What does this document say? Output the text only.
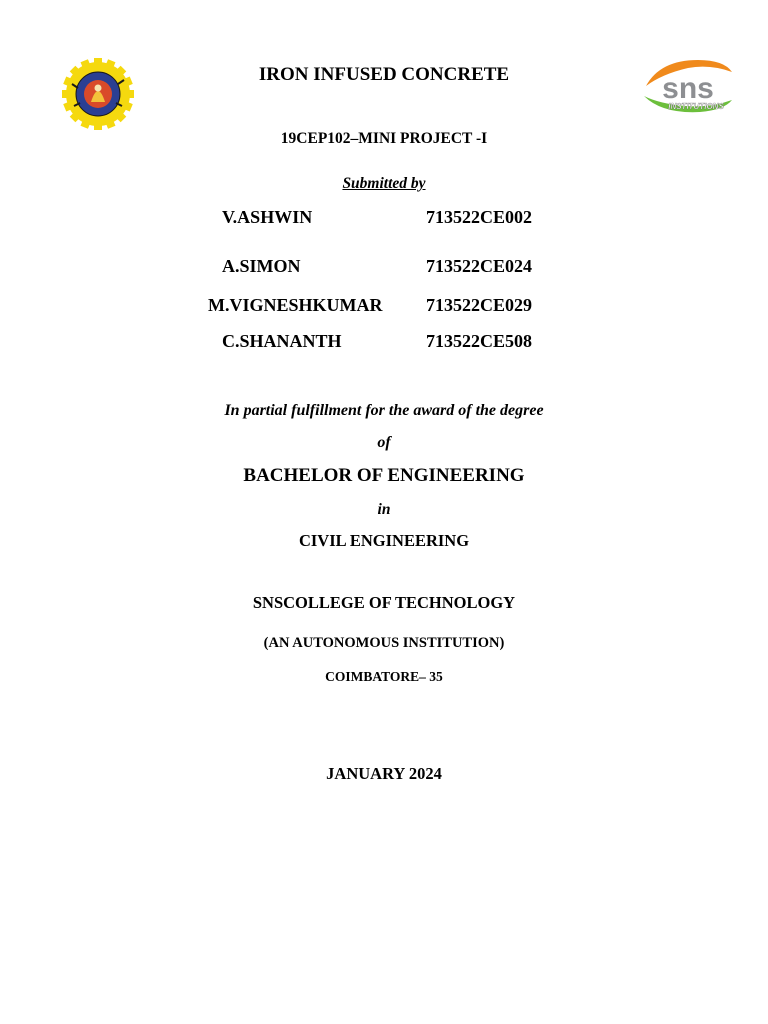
sns
INSTITUTIONS
IRON INFUSED CONCRETE
19CEP102–MINI PROJECT -I
Submitted by
V.ASHWIN	713522CE002
A.SIMON	713522CE024
M.VIGNESHKUMAR 713522CE029
C.SHANANTH	713522CE508
In partial fulfillment for the award of the degree
of
BACHELOR OF ENGINEERING
in
CIVIL ENGINEERING
SNSCOLLEGE OF TECHNOLOGY
(AN AUTONOMOUS INSTITUTION)
COIMBATORE– 35
JANUARY 2024
